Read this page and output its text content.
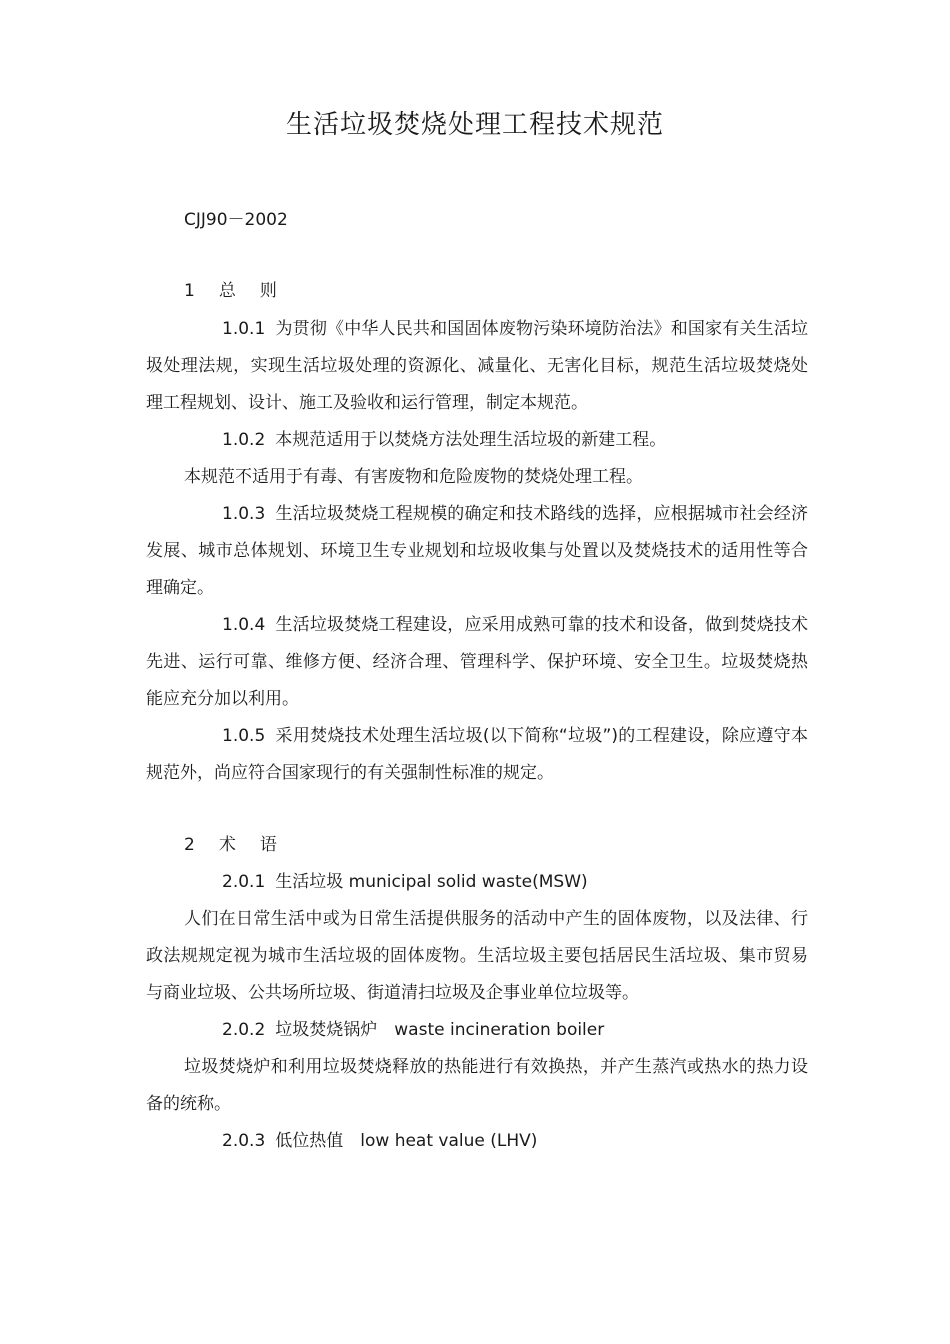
生活垃圾焚烧处理工程技术规范
CJJ90－2002
1 总 则

1.0.1 为贯彻《中华人民共和国固体废物污染环境防治法》和国家有关生活垃圾处理法规，实现生活垃圾处理的资源化、减量化、无害化目标，规范生活垃圾焚烧处理工程规划、设计、施工及验收和运行管理，制定本规范。

1.0.2 本规范适用于以焚烧方法处理生活垃圾的新建工程。

本规范不适用于有毒、有害废物和危险废物的焚烧处理工程。

1.0.3 生活垃圾焚烧工程规模的确定和技术路线的选择，应根据城市社会经济发展、城市总体规划、环境卫生专业规划和垃圾收集与处置以及焚烧技术的适用性等合理确定。

1.0.4 生活垃圾焚烧工程建设，应采用成熟可靠的技术和设备，做到焚烧技术先进、运行可靠、维修方便、经济合理、管理科学、保护环境、安全卫生。垃圾焚烧热能应充分加以利用。

1.0.5 采用焚烧技术处理生活垃圾(以下简称“垃圾”)的工程建设，除应遵守本规范外，尚应符合国家现行的有关强制性标准的规定。

2 术 语

2.0.1 生活垃圾 municipal solid waste(MSW)

人们在日常生活中或为日常生活提供服务的活动中产生的固体废物，以及法律、行政法规规定视为城市生活垃圾的固体废物。生活垃圾主要包括居民生活垃圾、集市贸易与商业垃圾、公共场所垃圾、街道清扫垃圾及企事业单位垃圾等。

2.0.2 垃圾焚烧锅炉　waste incineration boiler

垃圾焚烧炉和利用垃圾焚烧释放的热能进行有效换热，并产生蒸汽或热水的热力设备的统称。

2.0.3 低位热值　low heat value (LHV)
